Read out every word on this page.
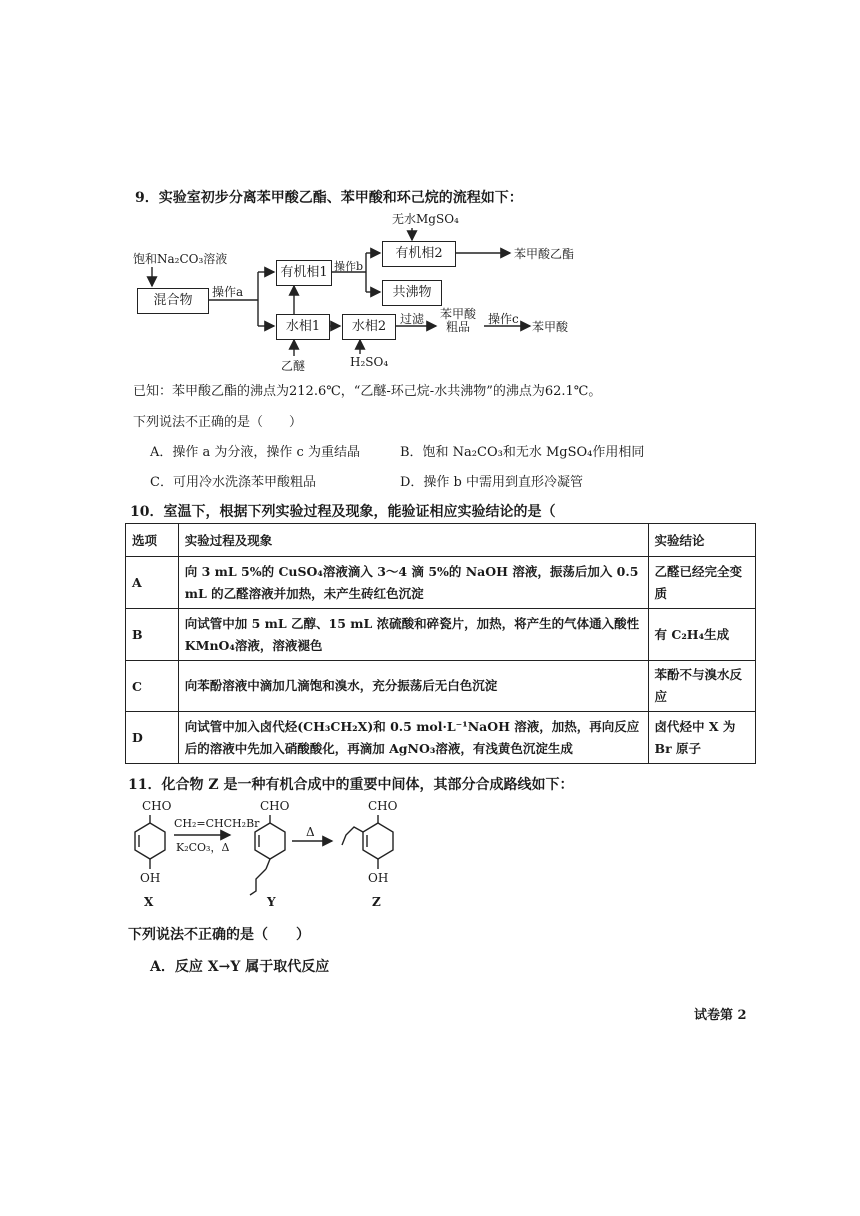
9．实验室初步分离苯甲酸乙酯、苯甲酸和环己烷的流程如下：
饱和Na₂CO₃溶液
混合物
操作a
有机相1 操作b
无水MgSO₄
有机相2	苯甲酸乙酯
共沸物
水相1
乙醚
水相2
H₂SO₄
过滤 苯甲酸
粗品
操作c
苯甲酸
已知：苯甲酸乙酯的沸点为212.6℃，“乙醚-环己烷-水共沸物”的沸点为62.1℃。
下列说法不正确的是（　　）
A．操作 a 为分液，操作 c 为重结晶	B．饱和 Na₂CO₃和无水 MgSO₄作用相同
C．可用冷水洗涤苯甲酸粗品	D．操作 b 中需用到直形冷凝管
10．室温下，根据下列实验过程及现象，能验证相应实验结论的是（
选项	实验过程及现象	实验结论
A	向 3 mL 5%的 CuSO₄溶液滴入 3～4 滴 5%的 NaOH 溶液，振荡后加入 0.5 mL 的乙醛溶液并加热，未产生砖红色沉淀	乙醛已经完全变质
B	向试管中加 5 mL 乙醇、15 mL 浓硫酸和碎瓷片，加热，将产生的气体通入酸性 KMnO₄溶液，溶液褪色	有 C₂H₄生成
C	向苯酚溶液中滴加几滴饱和溴水，充分振荡后无白色沉淀	苯酚不与溴水反应
D	向试管中加入卤代烃(CH₃CH₂X)和 0.5 mol·L⁻¹NaOH 溶液，加热，再向反应后的溶液中先加入硝酸酸化，再滴加 AgNO₃溶液，有浅黄色沉淀生成	卤代烃中 X 为 Br 原子
11．化合物 Z 是一种有机合成中的重要中间体，其部分合成路线如下：
CHO
OH
X
CH₂=CHCH₂Br
K₂CO₃，Δ
CHO
Y
Δ
CHO
OH
Z
下列说法不正确的是（　　）
A．反应 X→Y 属于取代反应
试卷第 2
